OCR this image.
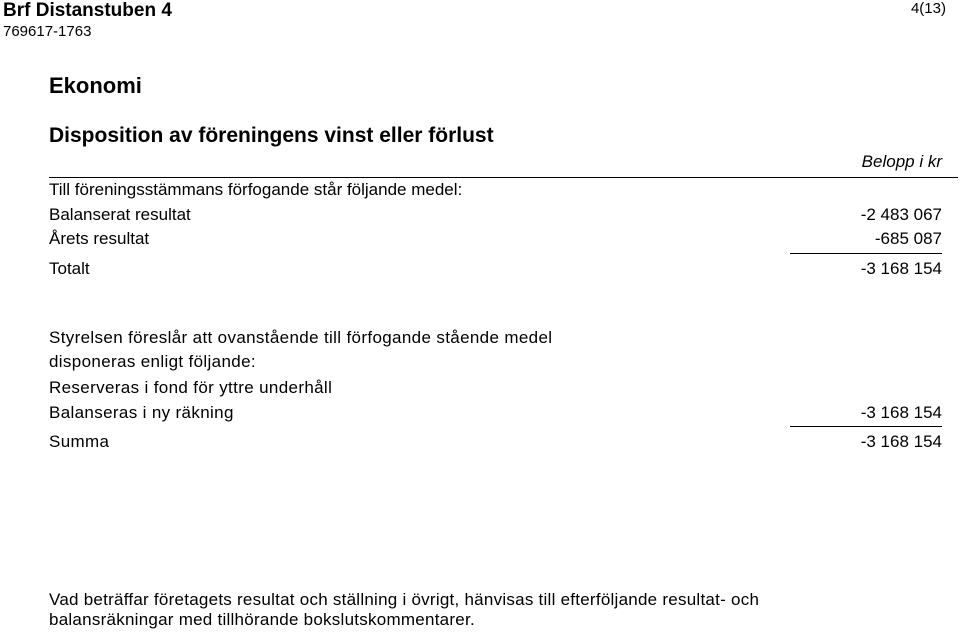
Brf Distanstuben 4
769617-1763
4(13)
Ekonomi
Disposition av föreningens vinst eller förlust
Belopp i kr
Till föreningsstämmans förfogande står följande medel:
Balanserat resultat	-2 483 067
Årets resultat	-685 087
Totalt	-3 168 154
Styrelsen föreslår att ovanstående till förfogande stående medel
disponeras enligt följande:
Reserveras i fond för yttre underhåll
Balanseras i ny räkning	-3 168 154
Summa	-3 168 154
Vad beträffar företagets resultat och ställning i övrigt, hänvisas till efterföljande resultat- och
balansräkningar med tillhörande bokslutskommentarer.
